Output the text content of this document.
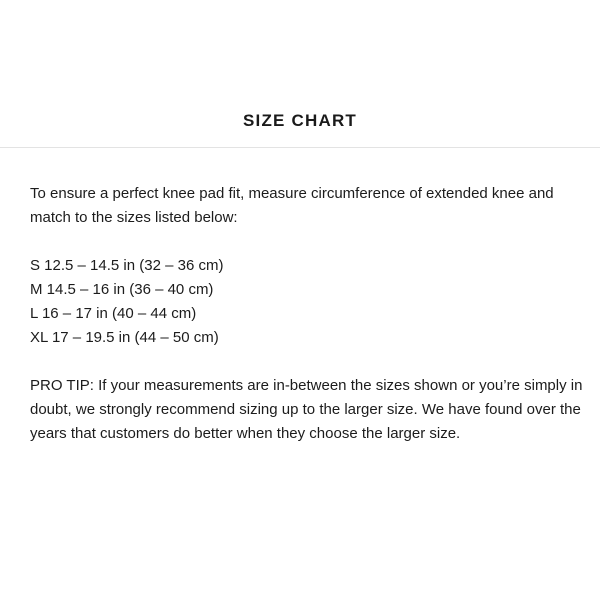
SIZE CHART

To ensure a perfect knee pad fit, measure circumference of extended knee and match to the sizes listed below:

S 12.5 – 14.5 in (32 – 36 cm)
M 14.5 – 16 in (36 – 40 cm)
L 16 – 17 in (40 – 44 cm)
XL 17 – 19.5 in (44 – 50 cm)

PRO TIP: If your measurements are in-between the sizes shown or you’re simply in doubt, we strongly recommend sizing up to the larger size. We have found over the years that customers do better when they choose the larger size.
